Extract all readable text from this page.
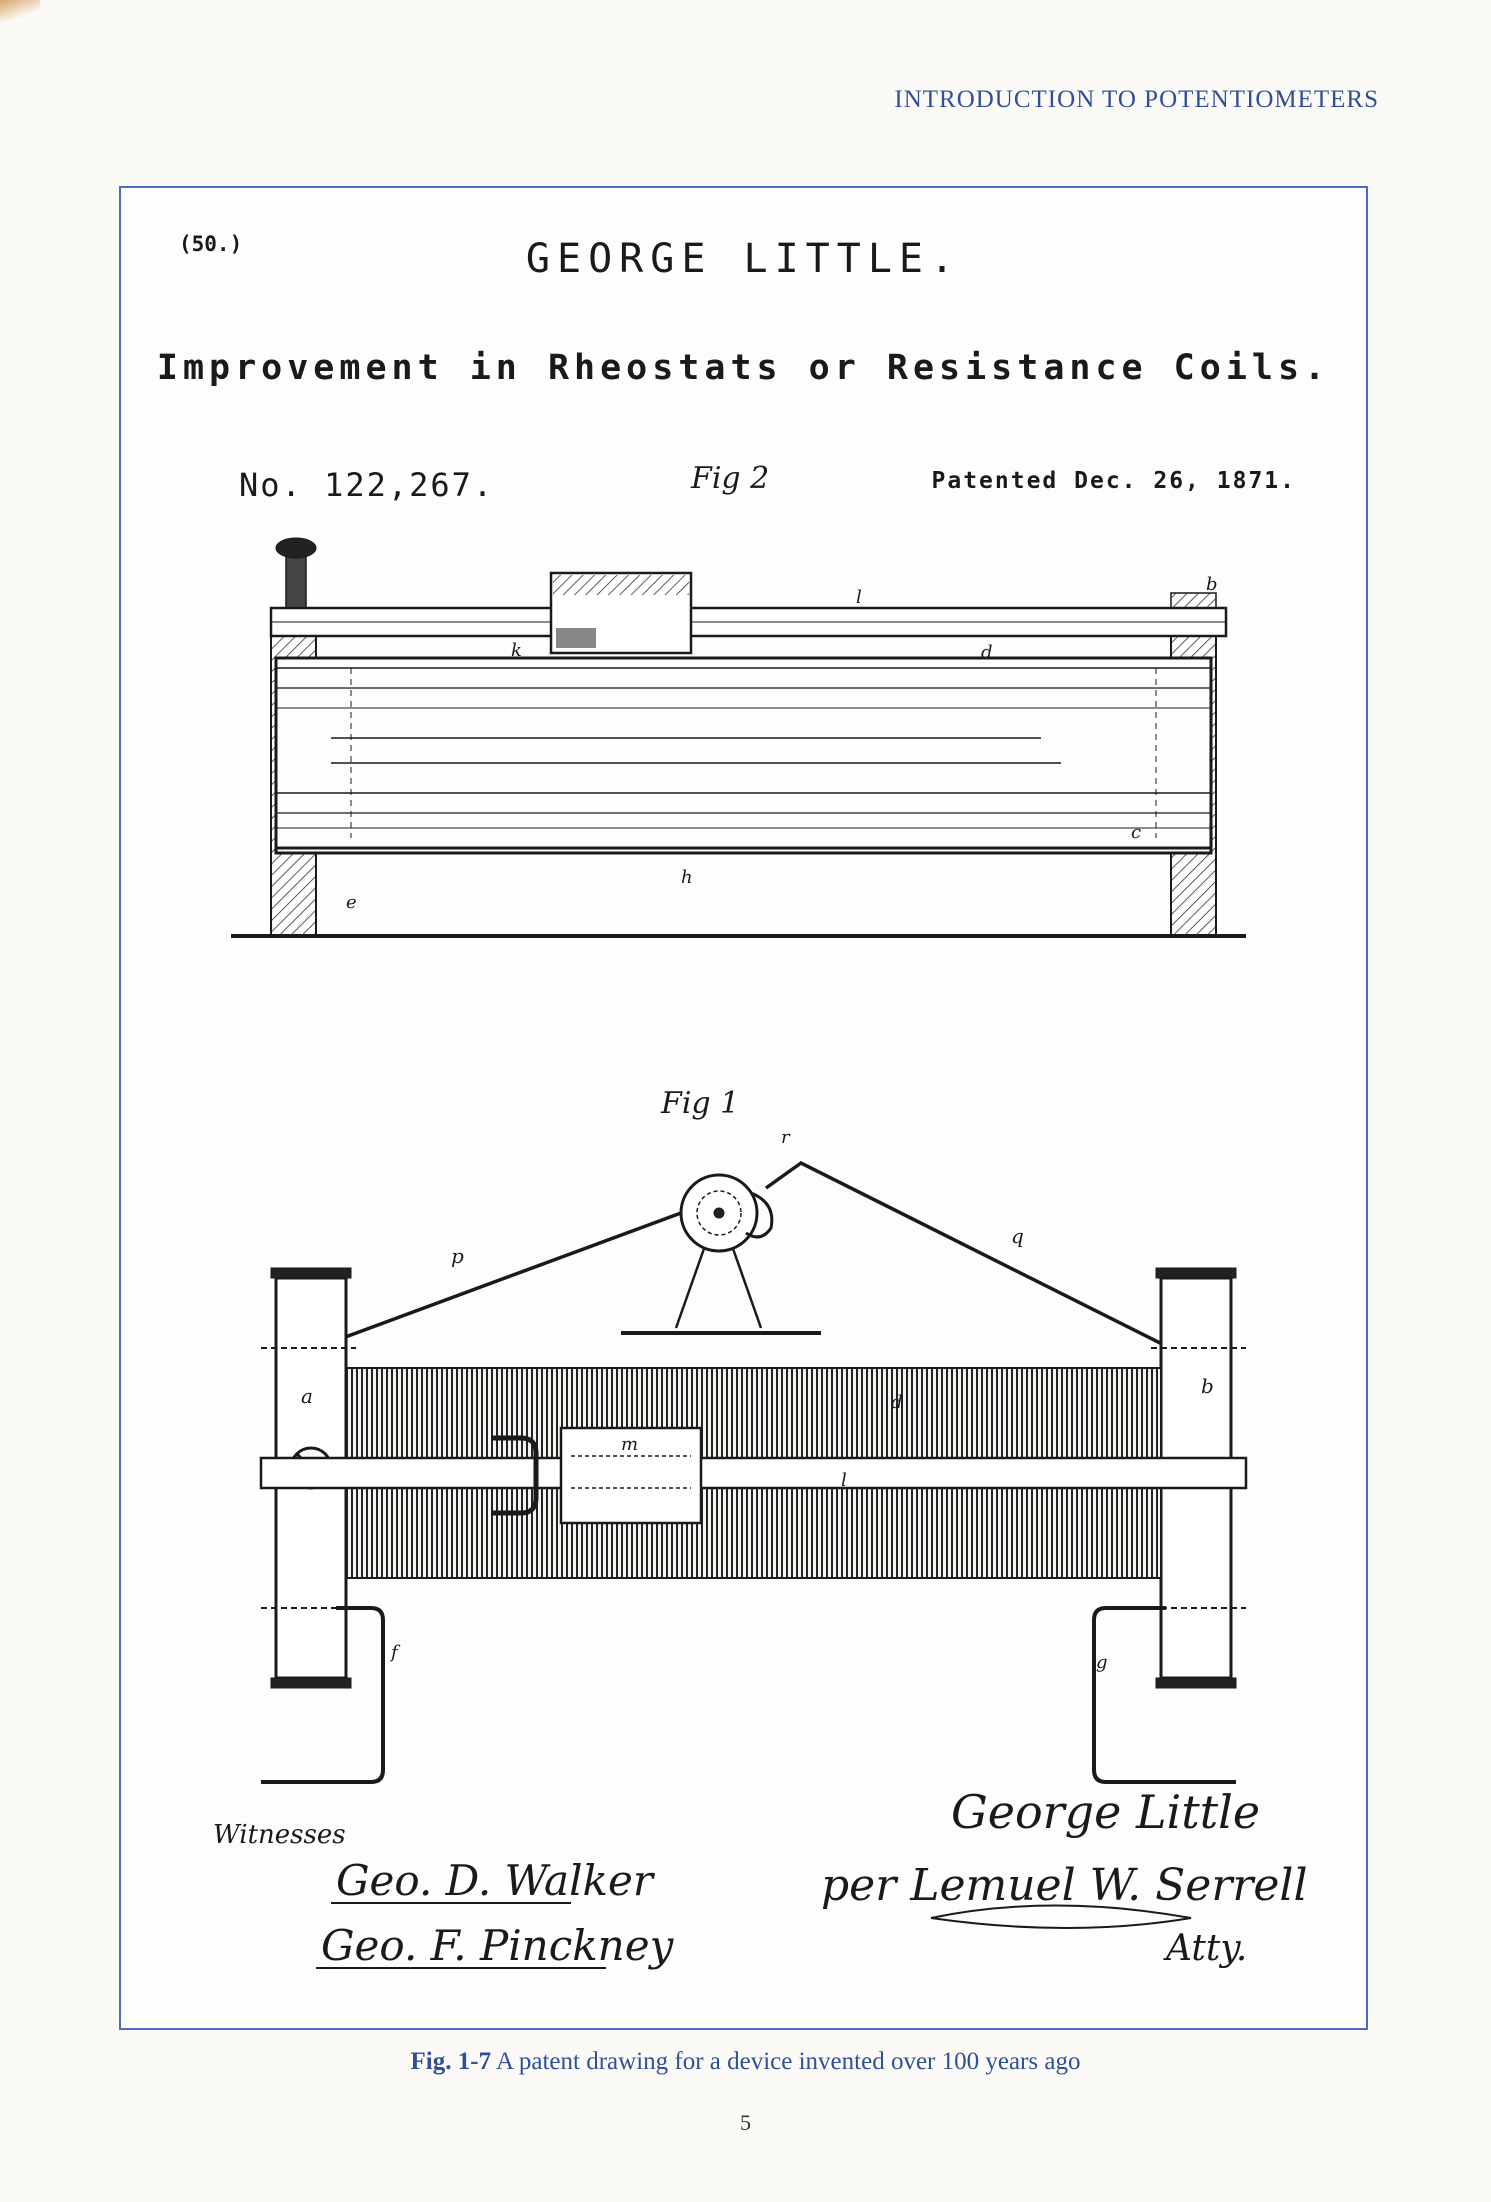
INTRODUCTION TO POTENTIOMETERS
(50.)	GEORGE LITTLE.
Improvement in Rheostats or Resistance Coils.
No. 122,267.	Patented Dec. 26, 1871.
Fig 2
l
b
k	d
c
h
e
Fig 1
p
q
r
a	b
m
l
d
f	g
Geo. D. Walker
Geo. F. Pinckney
George Little
per Lemuel W. Serrell
Atty.
Witnesses
Fig. 1-7 A patent drawing for a device invented over 100 years ago
5
